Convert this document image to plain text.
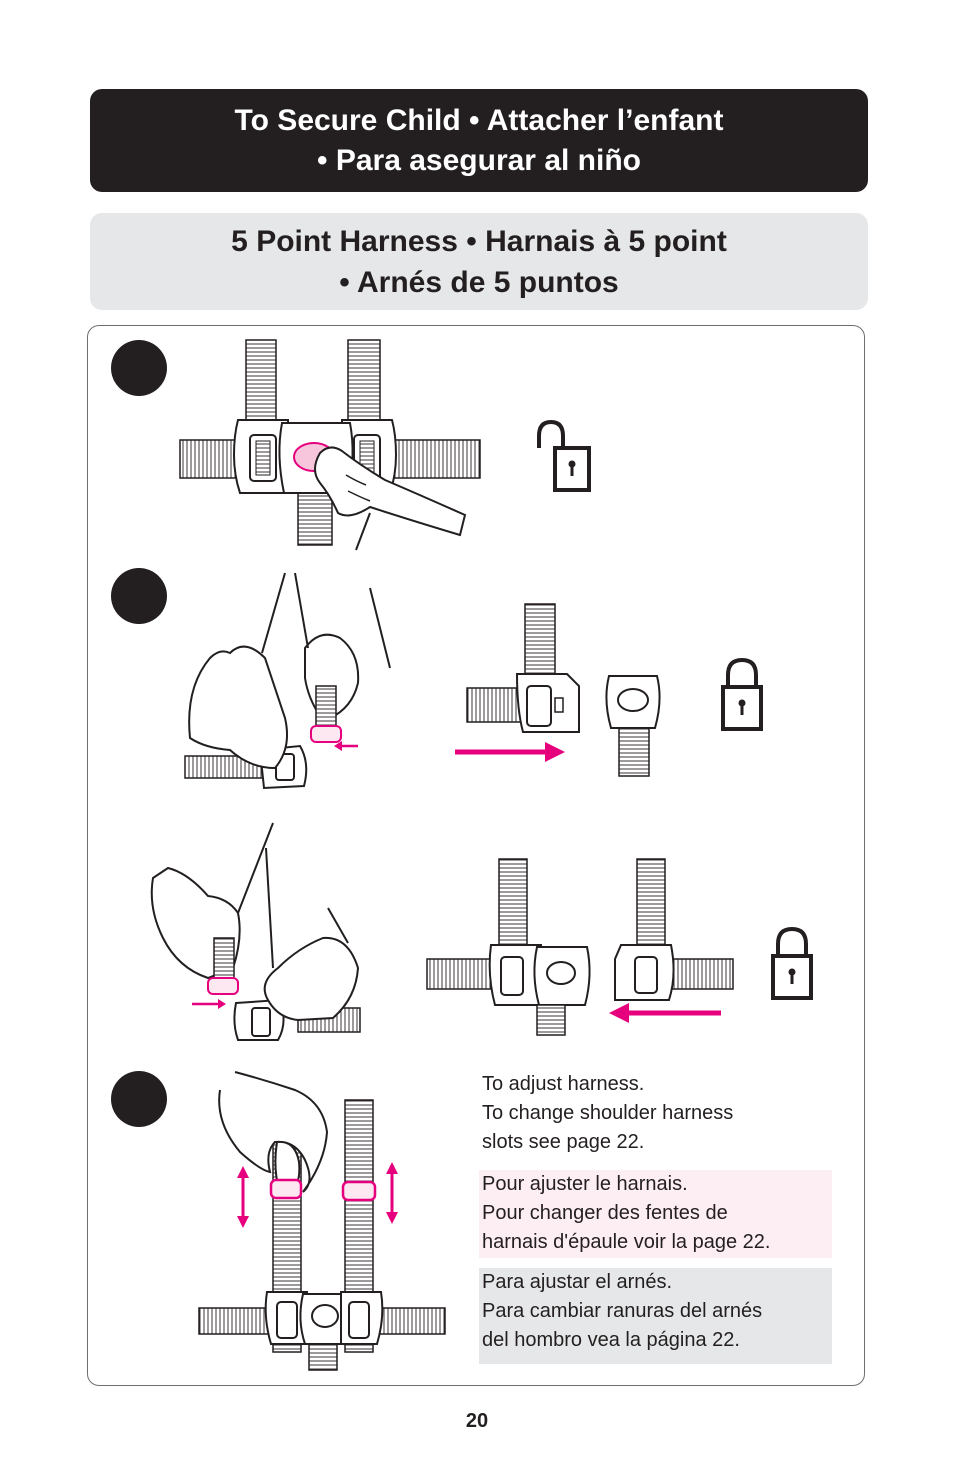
To Secure Child • Attacher l’enfant
• Para asegurar al niño
5 Point Harness • Harnais à 5 point
• Arnés de 5 puntos
To adjust harness.
To change shoulder harness
slots see page 22.
Pour ajuster le harnais.
Pour changer des fentes de
harnais d'épaule voir la page 22.
Para ajustar el arnés.
Para cambiar ranuras del arnés
del hombro vea la página 22.
20
